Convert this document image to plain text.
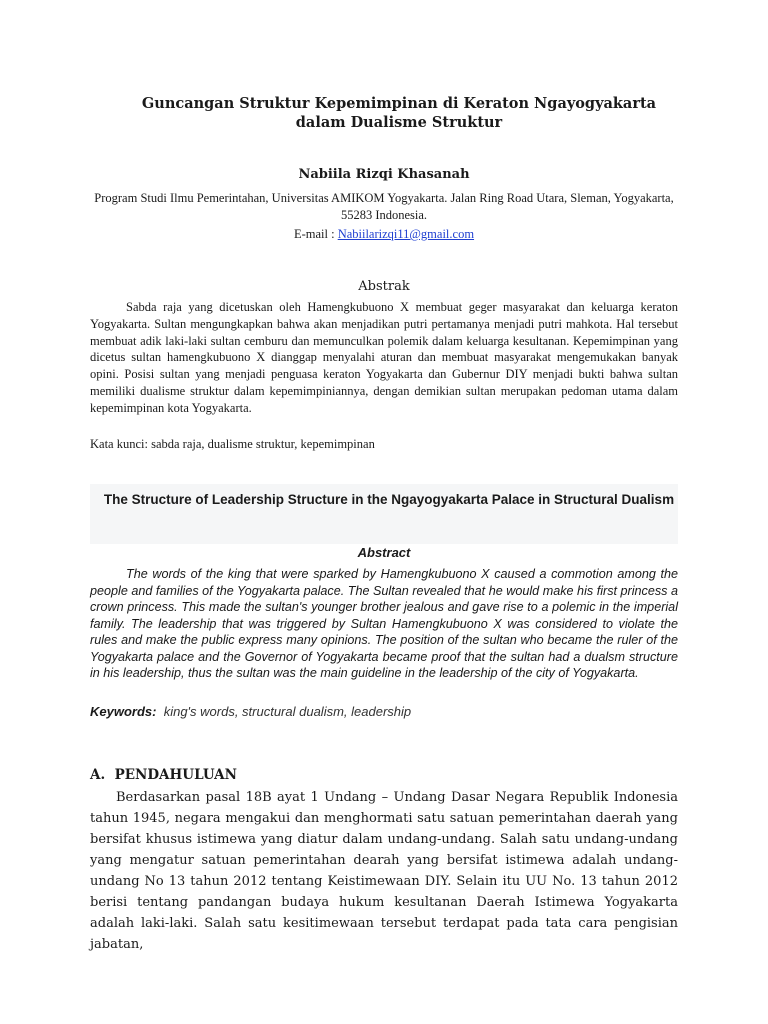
Guncangan Struktur Kepemimpinan di Keraton Ngayogyakarta dalam Dualisme Struktur
Nabiila Rizqi Khasanah
Program Studi Ilmu Pemerintahan, Universitas AMIKOM Yogyakarta. Jalan Ring Road Utara, Sleman, Yogyakarta, 55283 Indonesia.
E-mail : Nabiilarizqi11@gmail.com
Abstrak
Sabda raja yang dicetuskan oleh Hamengkubuono X membuat geger masyarakat dan keluarga keraton Yogyakarta. Sultan mengungkapkan bahwa akan menjadikan putri pertamanya menjadi putri mahkota. Hal tersebut membuat adik laki-laki sultan cemburu dan memunculkan polemik dalam keluarga kesultanan. Kepemimpinan yang dicetus sultan hamengkubuono X dianggap menyalahi aturan dan membuat masyarakat mengemukakan banyak opini. Posisi sultan yang menjadi penguasa keraton Yogyakarta dan Gubernur DIY menjadi bukti bahwa sultan memiliki dualisme struktur dalam kepemimpiniannya, dengan demikian sultan merupakan pedoman utama dalam kepemimpinan kota Yogyakarta.
Kata kunci: sabda raja, dualisme struktur, kepemimpinan
The Structure of Leadership Structure in the Ngayogyakarta Palace in Structural Dualism
Abstract
The words of the king that were sparked by Hamengkubuono X caused a commotion among the people and families of the Yogyakarta palace. The Sultan revealed that he would make his first princess a crown princess. This made the sultan's younger brother jealous and gave rise to a polemic in the imperial family. The leadership that was triggered by Sultan Hamengkubuono X was considered to violate the rules and make the public express many opinions. The position of the sultan who became the ruler of the Yogyakarta palace and the Governor of Yogyakarta became proof that the sultan had a dualsm structure in his leadership, thus the sultan was the main guideline in the leadership of the city of Yogyakarta.
Keywords: king's words, structural dualism, leadership
A.  PENDAHULUAN
Berdasarkan pasal 18B ayat 1 Undang – Undang Dasar Negara Republik Indonesia tahun 1945, negara mengakui dan menghormati satu satuan pemerintahan daerah yang bersifat khusus istimewa yang diatur dalam undang-undang. Salah satu undang-undang yang mengatur satuan pemerintahan dearah yang bersifat istimewa adalah undang-undang No 13 tahun 2012 tentang Keistimewaan DIY. Selain itu UU No. 13 tahun 2012 berisi tentang pandangan budaya hukum kesultanan Daerah Istimewa Yogyakarta adalah laki-laki. Salah satu kesitimewaan tersebut terdapat pada tata cara pengisian jabatan,
